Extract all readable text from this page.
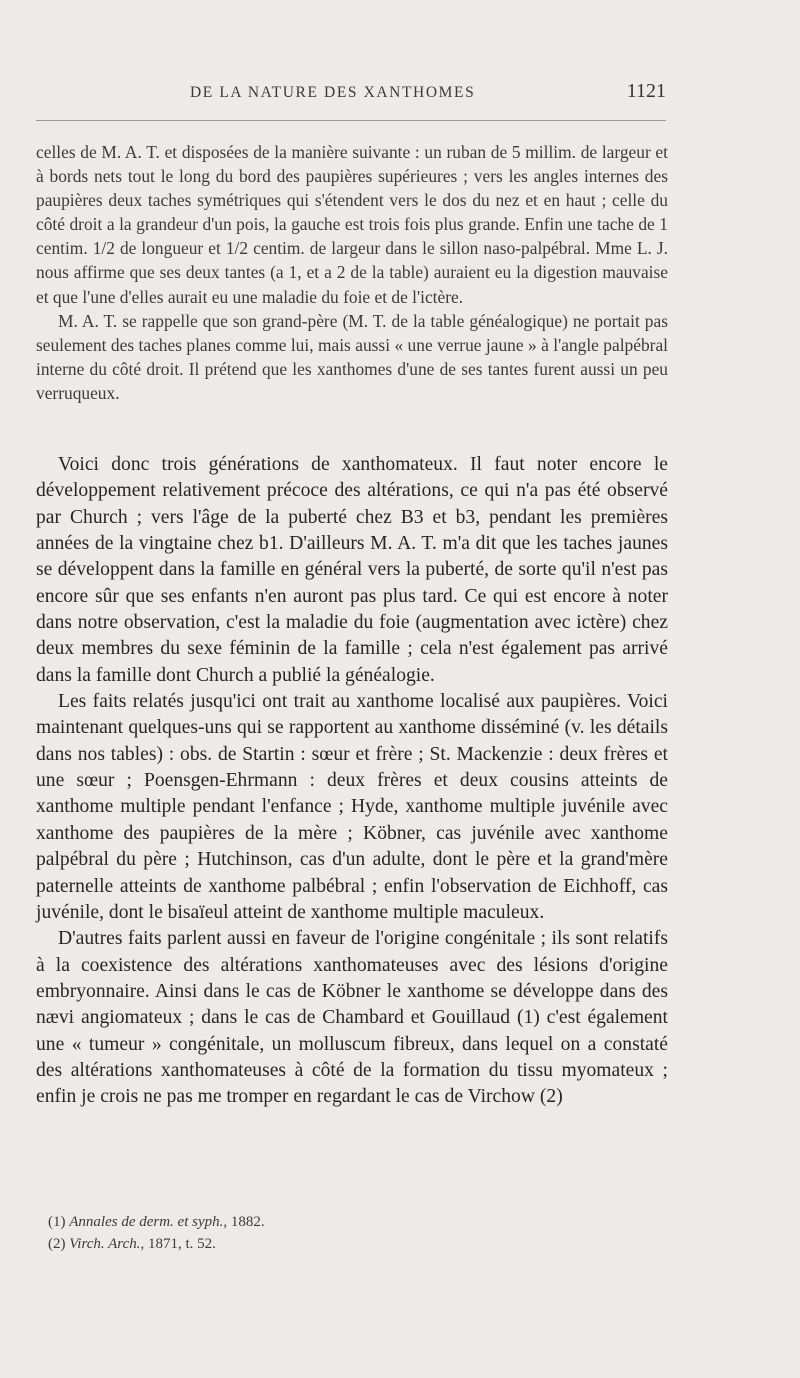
DE LA NATURE DES XANTHOMES	1121

celles de M. A. T. et disposées de la manière suivante : un ruban de 5 millim. de largeur et à bords nets tout le long du bord des paupières supérieures ; vers les angles internes des paupières deux taches symétriques qui s'étendent vers le dos du nez et en haut ; celle du côté droit a la grandeur d'un pois, la gauche est trois fois plus grande. Enfin une tache de 1 centim. 1/2 de longueur et 1/2 centim. de largeur dans le sillon naso-palpébral. Mme L. J. nous affirme que ses deux tantes (a 1, et a 2 de la table) auraient eu la digestion mauvaise et que l'une d'elles aurait eu une maladie du foie et de l'ictère.

M. A. T. se rappelle que son grand-père (M. T. de la table généalogique) ne portait pas seulement des taches planes comme lui, mais aussi « une verrue jaune » à l'angle palpébral interne du côté droit. Il prétend que les xanthomes d'une de ses tantes furent aussi un peu verruqueux.

Voici donc trois générations de xanthomateux. Il faut noter encore le développement relativement précoce des altérations, ce qui n'a pas été observé par Church ; vers l'âge de la puberté chez B3 et b3, pendant les premières années de la vingtaine chez b1. D'ailleurs M. A. T. m'a dit que les taches jaunes se développent dans la famille en général vers la puberté, de sorte qu'il n'est pas encore sûr que ses enfants n'en auront pas plus tard. Ce qui est encore à noter dans notre observation, c'est la maladie du foie (augmentation avec ictère) chez deux membres du sexe féminin de la famille ; cela n'est également pas arrivé dans la famille dont Church a publié la généalogie.

Les faits relatés jusqu'ici ont trait au xanthome localisé aux paupières. Voici maintenant quelques-uns qui se rapportent au xanthome disséminé (v. les détails dans nos tables) : obs. de Startin : sœur et frère ; St. Mackenzie : deux frères et une sœur ; Poensgen-Ehrmann : deux frères et deux cousins atteints de xanthome multiple pendant l'enfance ; Hyde, xanthome multiple juvénile avec xanthome des paupières de la mère ; Köbner, cas juvénile avec xanthome palpébral du père ; Hutchinson, cas d'un adulte, dont le père et la grand'mère paternelle atteints de xanthome palbébral ; enfin l'observation de Eichhoff, cas juvénile, dont le bisaïeul atteint de xanthome multiple maculeux.

D'autres faits parlent aussi en faveur de l'origine congénitale ; ils sont relatifs à la coexistence des altérations xanthomateuses avec des lésions d'origine embryonnaire. Ainsi dans le cas de Köbner le xanthome se développe dans des nævi angiomateux ; dans le cas de Chambard et Gouillaud (1) c'est également une « tumeur » congénitale, un molluscum fibreux, dans lequel on a constaté des altérations xanthomateuses à côté de la formation du tissu myomateux ; enfin je crois ne pas me tromper en regardant le cas de Virchow (2)

(1) Annales de derm. et syph., 1882.
(2) Virch. Arch., 1871, t. 52.
